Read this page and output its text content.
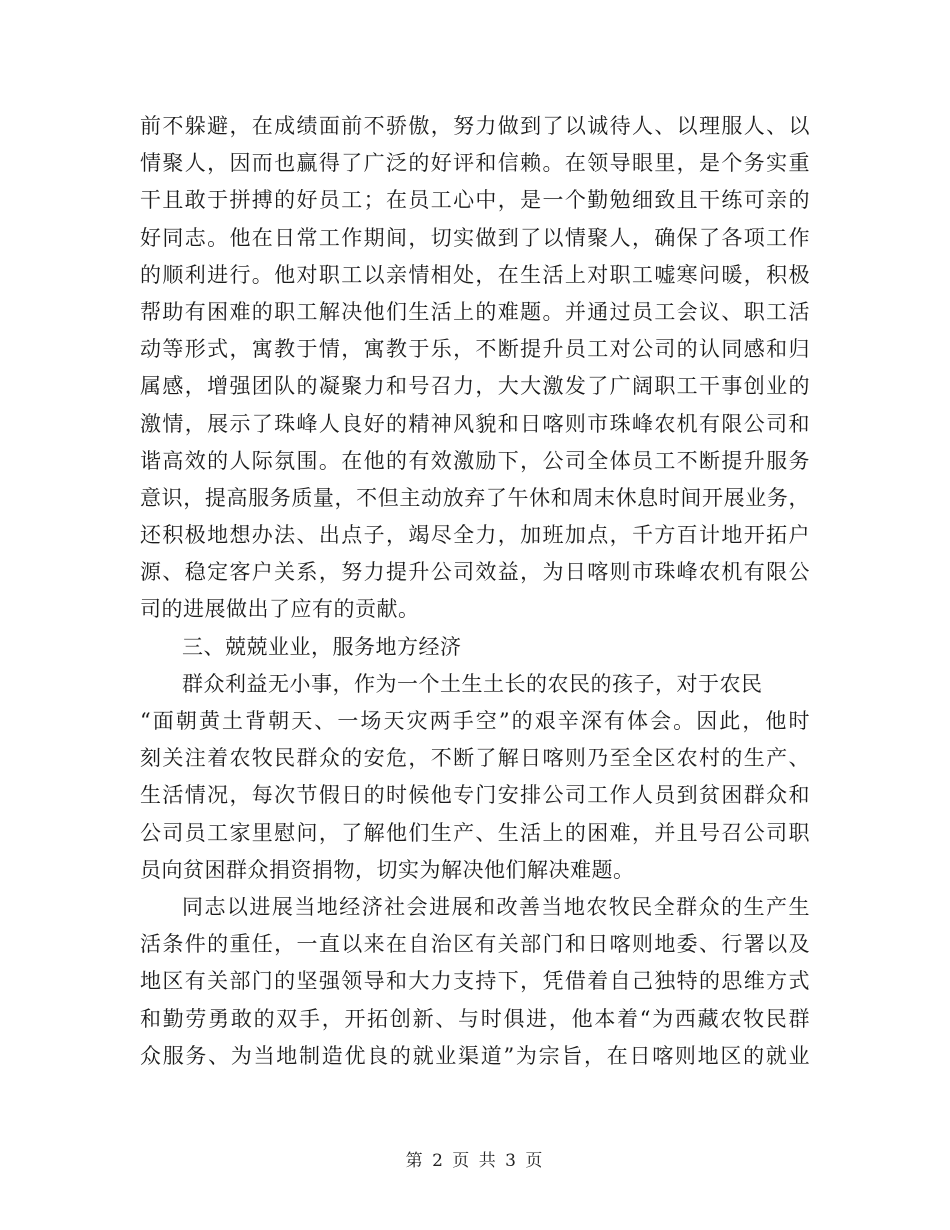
前不躲避，在成绩面前不骄傲，努力做到了以诚待人、以理服人、以
情聚人，因而也赢得了广泛的好评和信赖。在领导眼里，是个务实重
干且敢于拼搏的好员工；在员工心中，是一个勤勉细致且干练可亲的
好同志。他在日常工作期间，切实做到了以情聚人，确保了各项工作
的顺利进行。他对职工以亲情相处，在生活上对职工嘘寒问暖，积极
帮助有困难的职工解决他们生活上的难题。并通过员工会议、职工活
动等形式，寓教于情，寓教于乐，不断提升员工对公司的认同感和归
属感，增强团队的凝聚力和号召力，大大激发了广阔职工干事创业的
激情，展示了珠峰人良好的精神风貌和日喀则市珠峰农机有限公司和
谐高效的人际氛围。在他的有效激励下，公司全体员工不断提升服务
意识，提高服务质量，不但主动放弃了午休和周末休息时间开展业务，
还积极地想办法、出点子，竭尽全力，加班加点，千方百计地开拓户
源、稳定客户关系，努力提升公司效益，为日喀则市珠峰农机有限公
司的进展做出了应有的贡献。
三、兢兢业业，服务地方经济
群众利益无小事，作为一个土生土长的农民的孩子，对于农民
“面朝黄土背朝天、一场天灾两手空”的艰辛深有体会。因此，他时
刻关注着农牧民群众的安危，不断了解日喀则乃至全区农村的生产、
生活情况，每次节假日的时候他专门安排公司工作人员到贫困群众和
公司员工家里慰问，了解他们生产、生活上的困难，并且号召公司职
员向贫困群众捐资捐物，切实为解决他们解决难题。
同志以进展当地经济社会进展和改善当地农牧民全群众的生产生
活条件的重任，一直以来在自治区有关部门和日喀则地委、行署以及
地区有关部门的坚强领导和大力支持下，凭借着自己独特的思维方式
和勤劳勇敢的双手，开拓创新、与时俱进，他本着“为西藏农牧民群
众服务、为当地制造优良的就业渠道”为宗旨，在日喀则地区的就业
第 2 页 共 3 页
